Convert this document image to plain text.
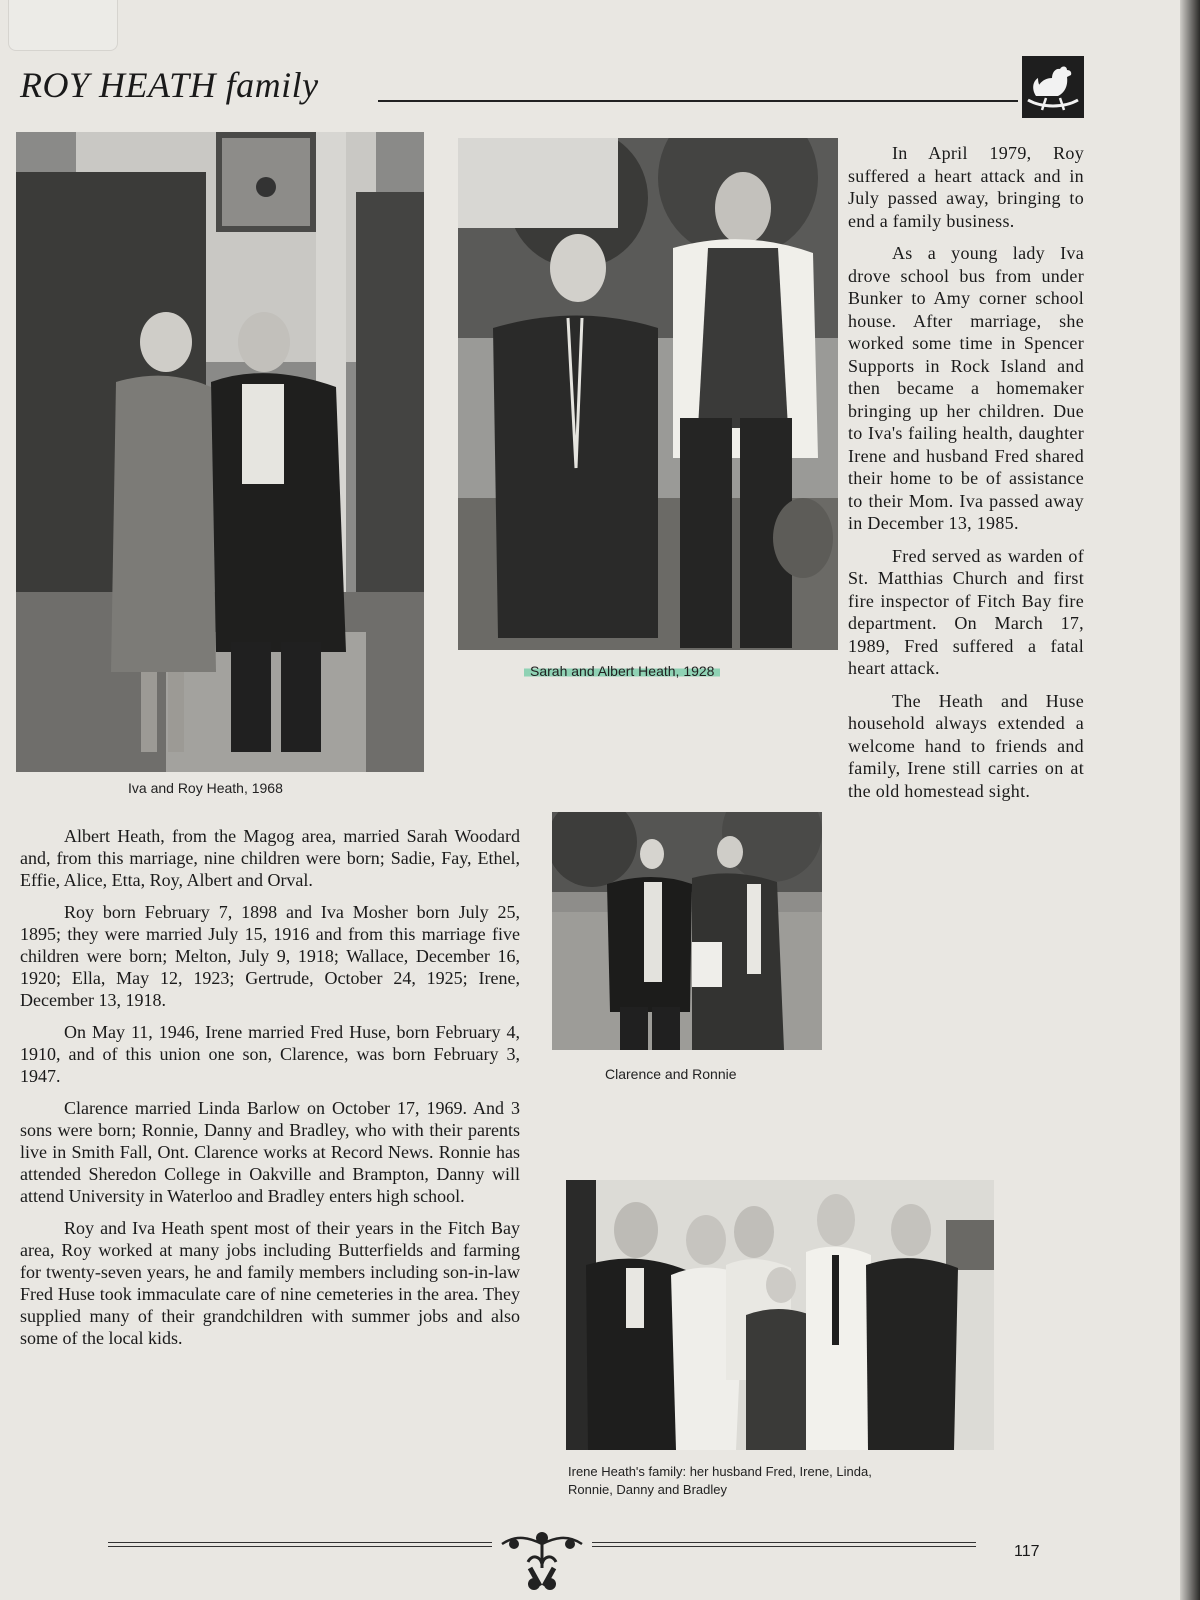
ROY HEATH family
Iva and Roy Heath, 1968
Sarah and Albert Heath, 1928
Clarence and Ronnie
Irene Heath's family: her husband Fred, Irene, Linda,
Ronnie, Danny and Bradley

Albert Heath, from the Magog area, married Sarah Woodard and, from this marriage, nine children were born; Sadie, Fay, Ethel, Effie, Alice, Etta, Roy, Albert and Orval.

Roy born February 7, 1898 and Iva Mosher born July 25, 1895; they were married July 15, 1916 and from this marriage five children were born; Melton, July 9, 1918; Wallace, December 16, 1920; Ella, May 12, 1923; Gertrude, October 24, 1925; Irene, December 13, 1918.

On May 11, 1946, Irene married Fred Huse, born February 4, 1910, and of this union one son, Clarence, was born February 3, 1947.

Clarence married Linda Barlow on October 17, 1969. And 3 sons were born; Ronnie, Danny and Bradley, who with their parents live in Smith Fall, Ont. Clarence works at Record News. Ronnie has attended Sheredon College in Oakville and Brampton, Danny will attend University in Waterloo and Bradley enters high school.

Roy and Iva Heath spent most of their years in the Fitch Bay area, Roy worked at many jobs including Butterfields and farming for twenty-seven years, he and family members including son-in-law Fred Huse took immaculate care of nine cemeteries in the area. They supplied many of their grandchildren with summer jobs and also some of the local kids.

In April 1979, Roy suffered a heart attack and in July passed away, bringing to end a family business.

As a young lady Iva drove school bus from under Bunker to Amy corner school house. After marriage, she worked some time in Spencer Supports in Rock Island and then became a homemaker bringing up her children. Due to Iva's failing health, daughter Irene and husband Fred shared their home to be of assistance to their Mom. Iva passed away in December 13, 1985.

Fred served as warden of St. Matthias Church and first fire inspector of Fitch Bay fire department. On March 17, 1989, Fred suffered a fatal heart attack.

The Heath and Huse household always extended a welcome hand to friends and family, Irene still carries on at the old homestead sight.

117
